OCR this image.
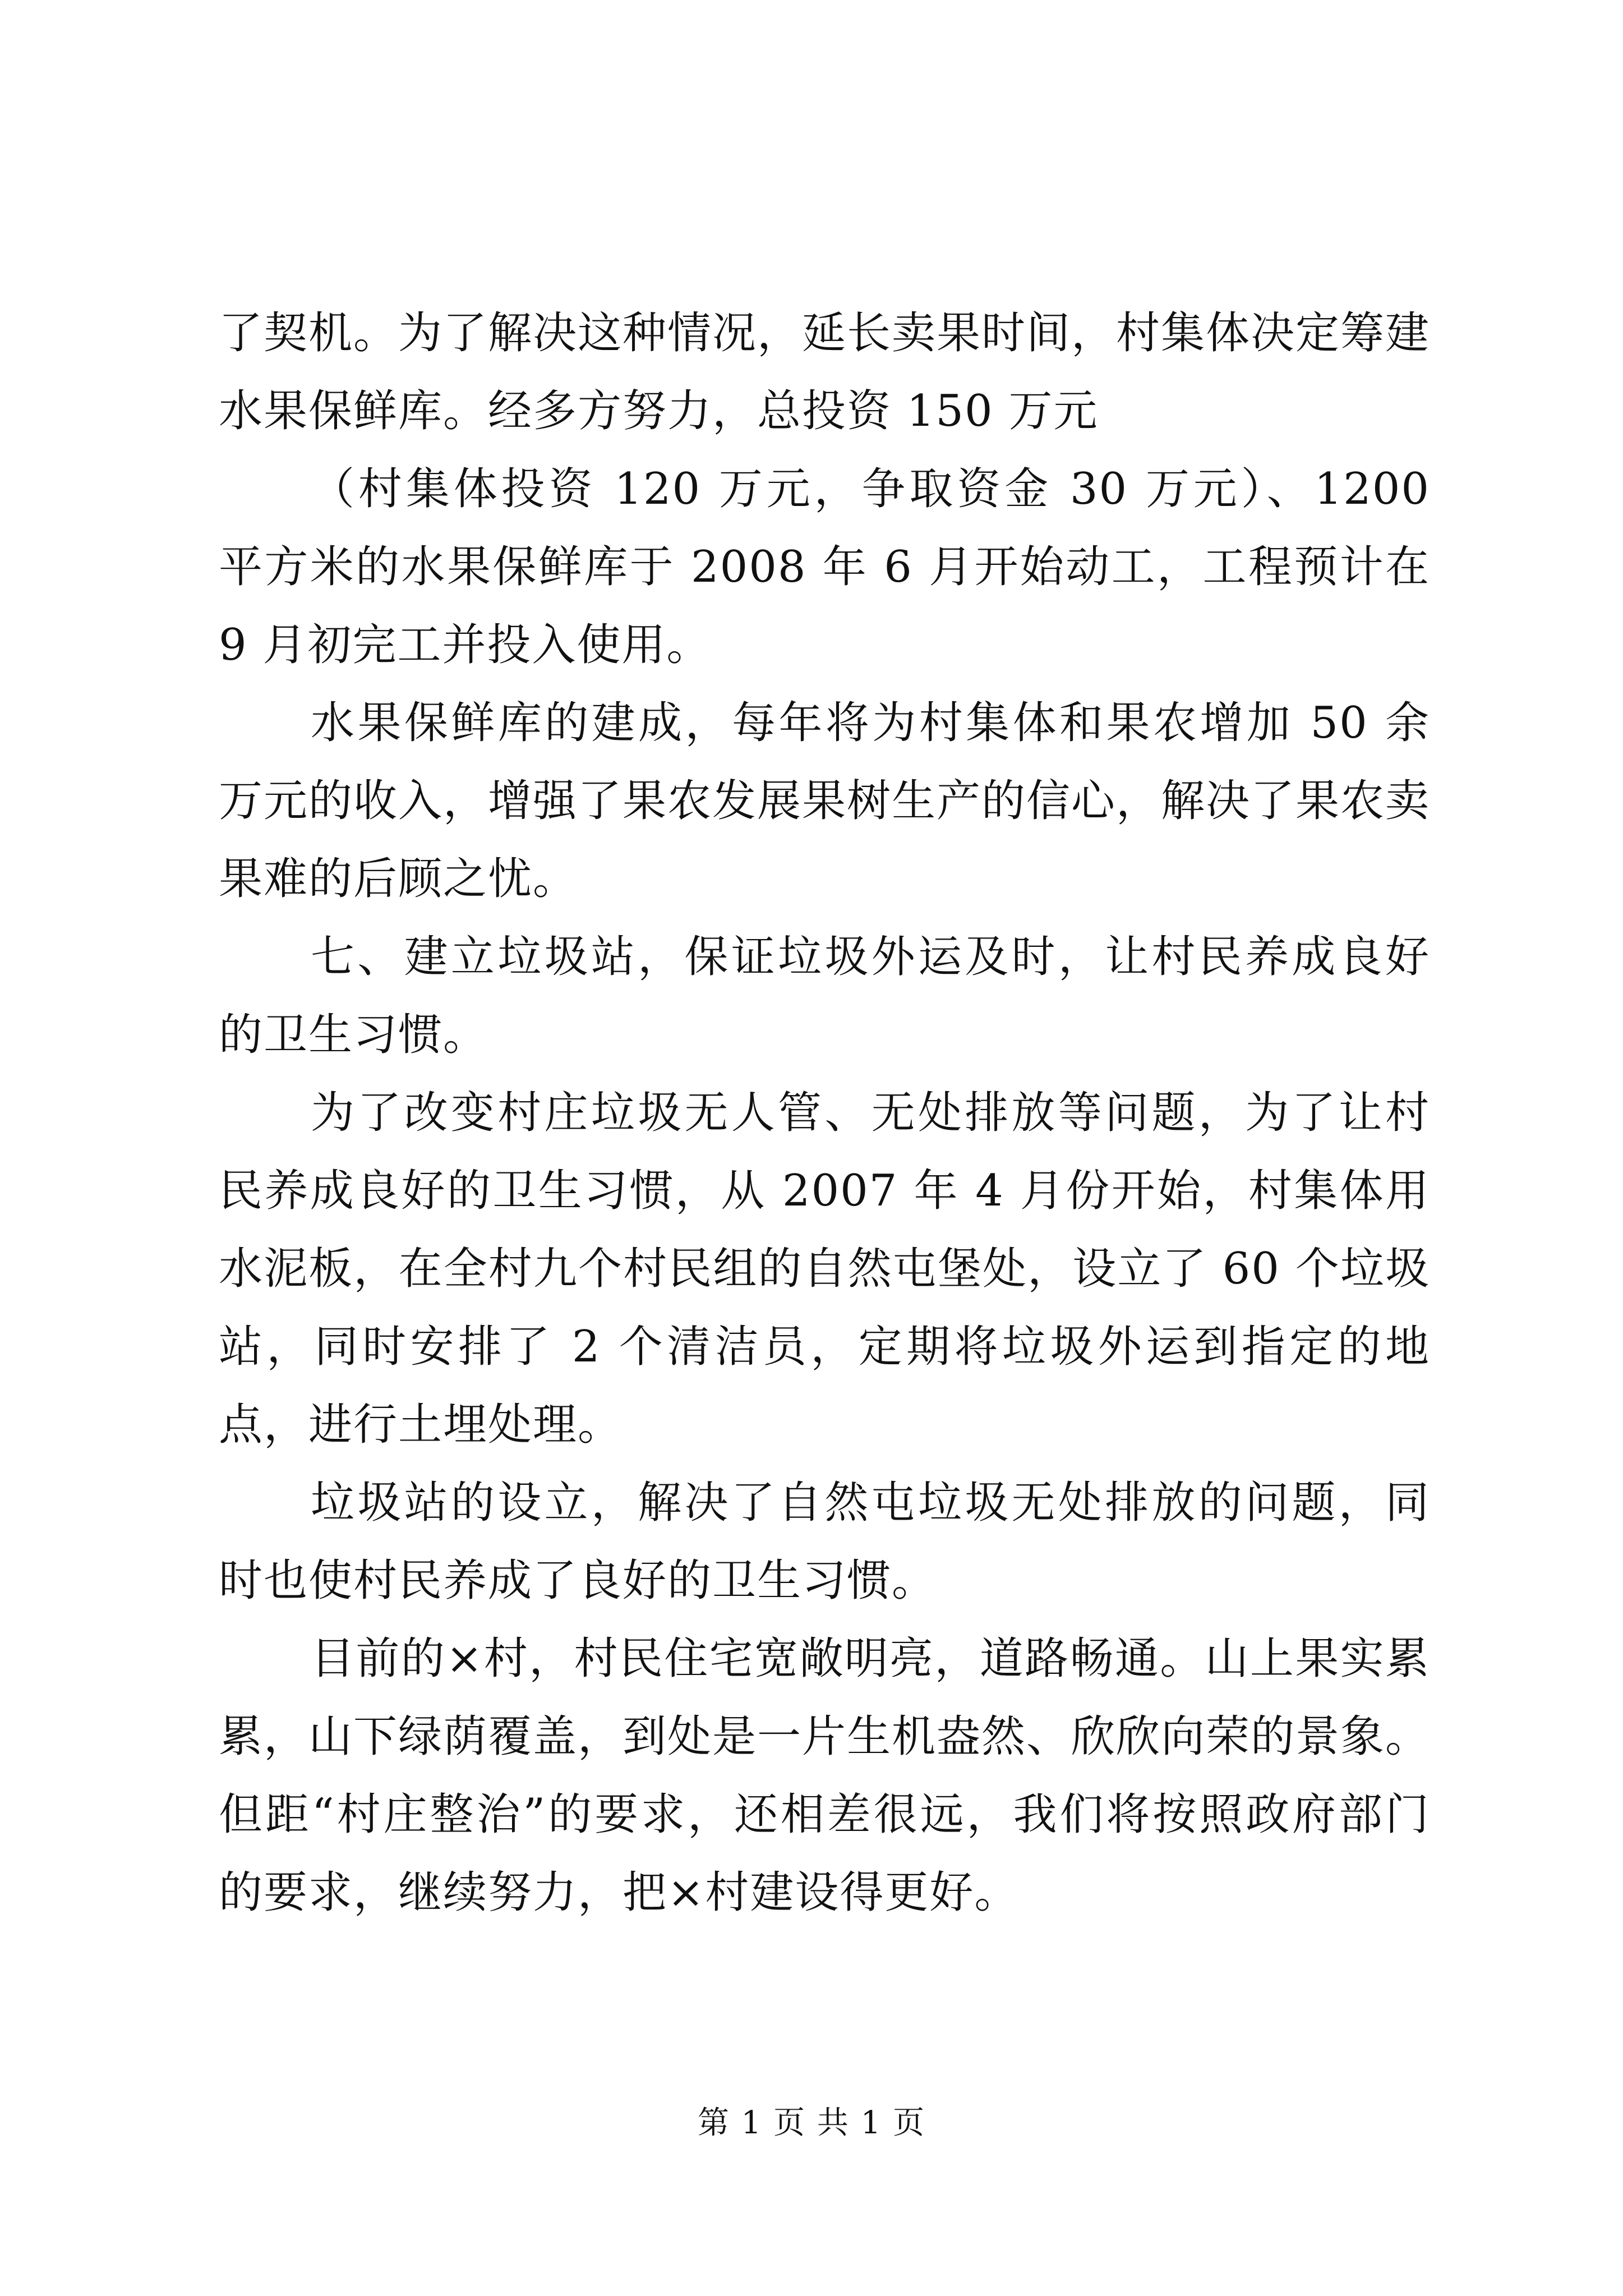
了契机。为了解决这种情况，延长卖果时间，村集体决定筹建水果保鲜库。经多方努力，总投资 150 万元

（村集体投资 120 万元，争取资金 30 万元）、1200 平方米的水果保鲜库于 2008 年 6 月开始动工，工程预计在 9 月初完工并投入使用。

水果保鲜库的建成，每年将为村集体和果农增加 50 余万元的收入，增强了果农发展果树生产的信心，解决了果农卖果难的后顾之忧。

七、建立垃圾站，保证垃圾外运及时，让村民养成良好的卫生习惯。

为了改变村庄垃圾无人管、无处排放等问题，为了让村民养成良好的卫生习惯，从 2007 年 4 月份开始，村集体用水泥板，在全村九个村民组的自然屯堡处，设立了 60 个垃圾站，同时安排了 2 个清洁员，定期将垃圾外运到指定的地点，进行土埋处理。

垃圾站的设立，解决了自然屯垃圾无处排放的问题，同时也使村民养成了良好的卫生习惯。

目前的×村，村民住宅宽敞明亮，道路畅通。山上果实累累，山下绿荫覆盖，到处是一片生机盎然、欣欣向荣的景象。但距“村庄整治”的要求，还相差很远，我们将按照政府部门的要求，继续努力，把×村建设得更好。

第 1 页 共 1 页
